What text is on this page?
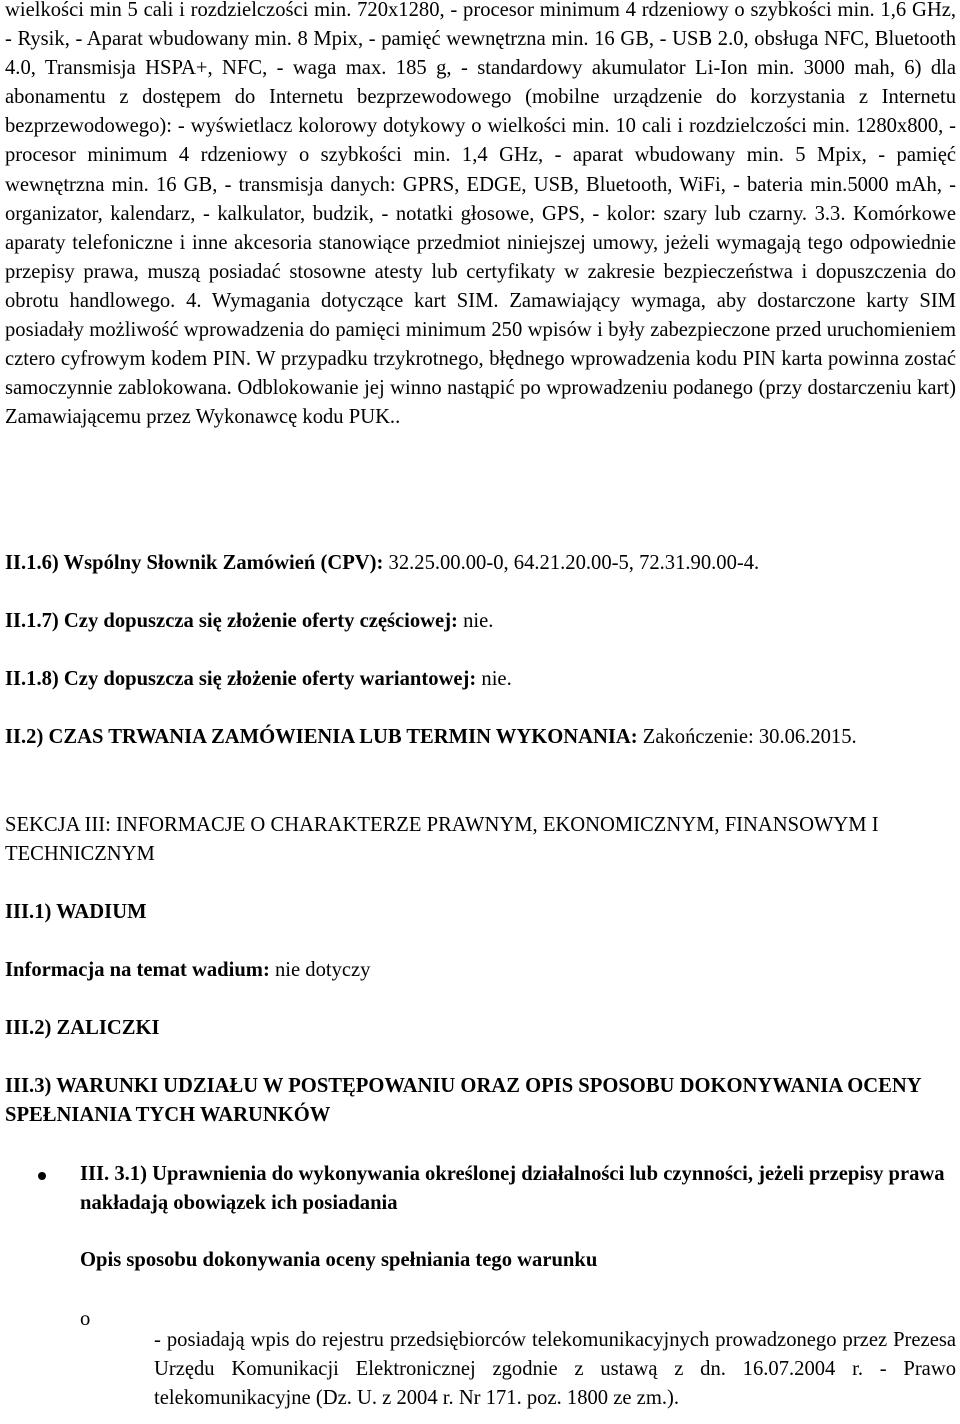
wielkości min 5 cali i rozdzielczości min. 720x1280, - procesor minimum 4 rdzeniowy o szybkości min. 1,6 GHz, - Rysik, - Aparat wbudowany min. 8 Mpix, - pamięć wewnętrzna min. 16 GB, - USB 2.0, obsługa NFC, Bluetooth 4.0, Transmisja HSPA+, NFC, - waga max. 185 g, - standardowy akumulator Li-Ion min. 3000 mah, 6) dla abonamentu z dostępem do Internetu bezprzewodowego (mobilne urządzenie do korzystania z Internetu bezprzewodowego): - wyświetlacz kolorowy dotykowy o wielkości min. 10 cali i rozdzielczości min. 1280x800, - procesor minimum 4 rdzeniowy o szybkości min. 1,4 GHz, - aparat wbudowany min. 5 Mpix, - pamięć wewnętrzna min. 16 GB, - transmisja danych: GPRS, EDGE, USB, Bluetooth, WiFi, - bateria min.5000 mAh, - organizator, kalendarz, - kalkulator, budzik, - notatki głosowe, GPS, - kolor: szary lub czarny. 3.3. Komórkowe aparaty telefoniczne i inne akcesoria stanowiące przedmiot niniejszej umowy, jeżeli wymagają tego odpowiednie przepisy prawa, muszą posiadać stosowne atesty lub certyfikaty w zakresie bezpieczeństwa i dopuszczenia do obrotu handlowego. 4. Wymagania dotyczące kart SIM. Zamawiający wymaga, aby dostarczone karty SIM posiadały możliwość wprowadzenia do pamięci minimum 250 wpisów i były zabezpieczone przed uruchomieniem cztero cyfrowym kodem PIN. W przypadku trzykrotnego, błędnego wprowadzenia kodu PIN karta powinna zostać samoczynnie zablokowana. Odblokowanie jej winno nastąpić po wprowadzeniu podanego (przy dostarczeniu kart) Zamawiającemu przez Wykonawcę kodu PUK..

II.1.6) Wspólny Słownik Zamówień (CPV): 32.25.00.00-0, 64.21.20.00-5, 72.31.90.00-4.

II.1.7) Czy dopuszcza się złożenie oferty częściowej: nie.

II.1.8) Czy dopuszcza się złożenie oferty wariantowej: nie.

II.2) CZAS TRWANIA ZAMÓWIENIA LUB TERMIN WYKONANIA: Zakończenie: 30.06.2015.

SEKCJA III: INFORMACJE O CHARAKTERZE PRAWNYM, EKONOMICZNYM, FINANSOWYM I TECHNICZNYM

III.1) WADIUM

Informacja na temat wadium: nie dotyczy

III.2) ZALICZKI

III.3) WARUNKI UDZIAŁU W POSTĘPOWANIU ORAZ OPIS SPOSOBU DOKONYWANIA OCENY SPEŁNIANIA TYCH WARUNKÓW

III. 3.1) Uprawnienia do wykonywania określonej działalności lub czynności, jeżeli przepisy prawa nakładają obowiązek ich posiadania

Opis sposobu dokonywania oceny spełniania tego warunku

o

- posiadają wpis do rejestru przedsiębiorców telekomunikacyjnych prowadzonego przez Prezesa Urzędu Komunikacji Elektronicznej zgodnie z ustawą z dn. 16.07.2004 r. - Prawo telekomunikacyjne (Dz. U. z 2004 r. Nr 171. poz. 1800 ze zm.).
